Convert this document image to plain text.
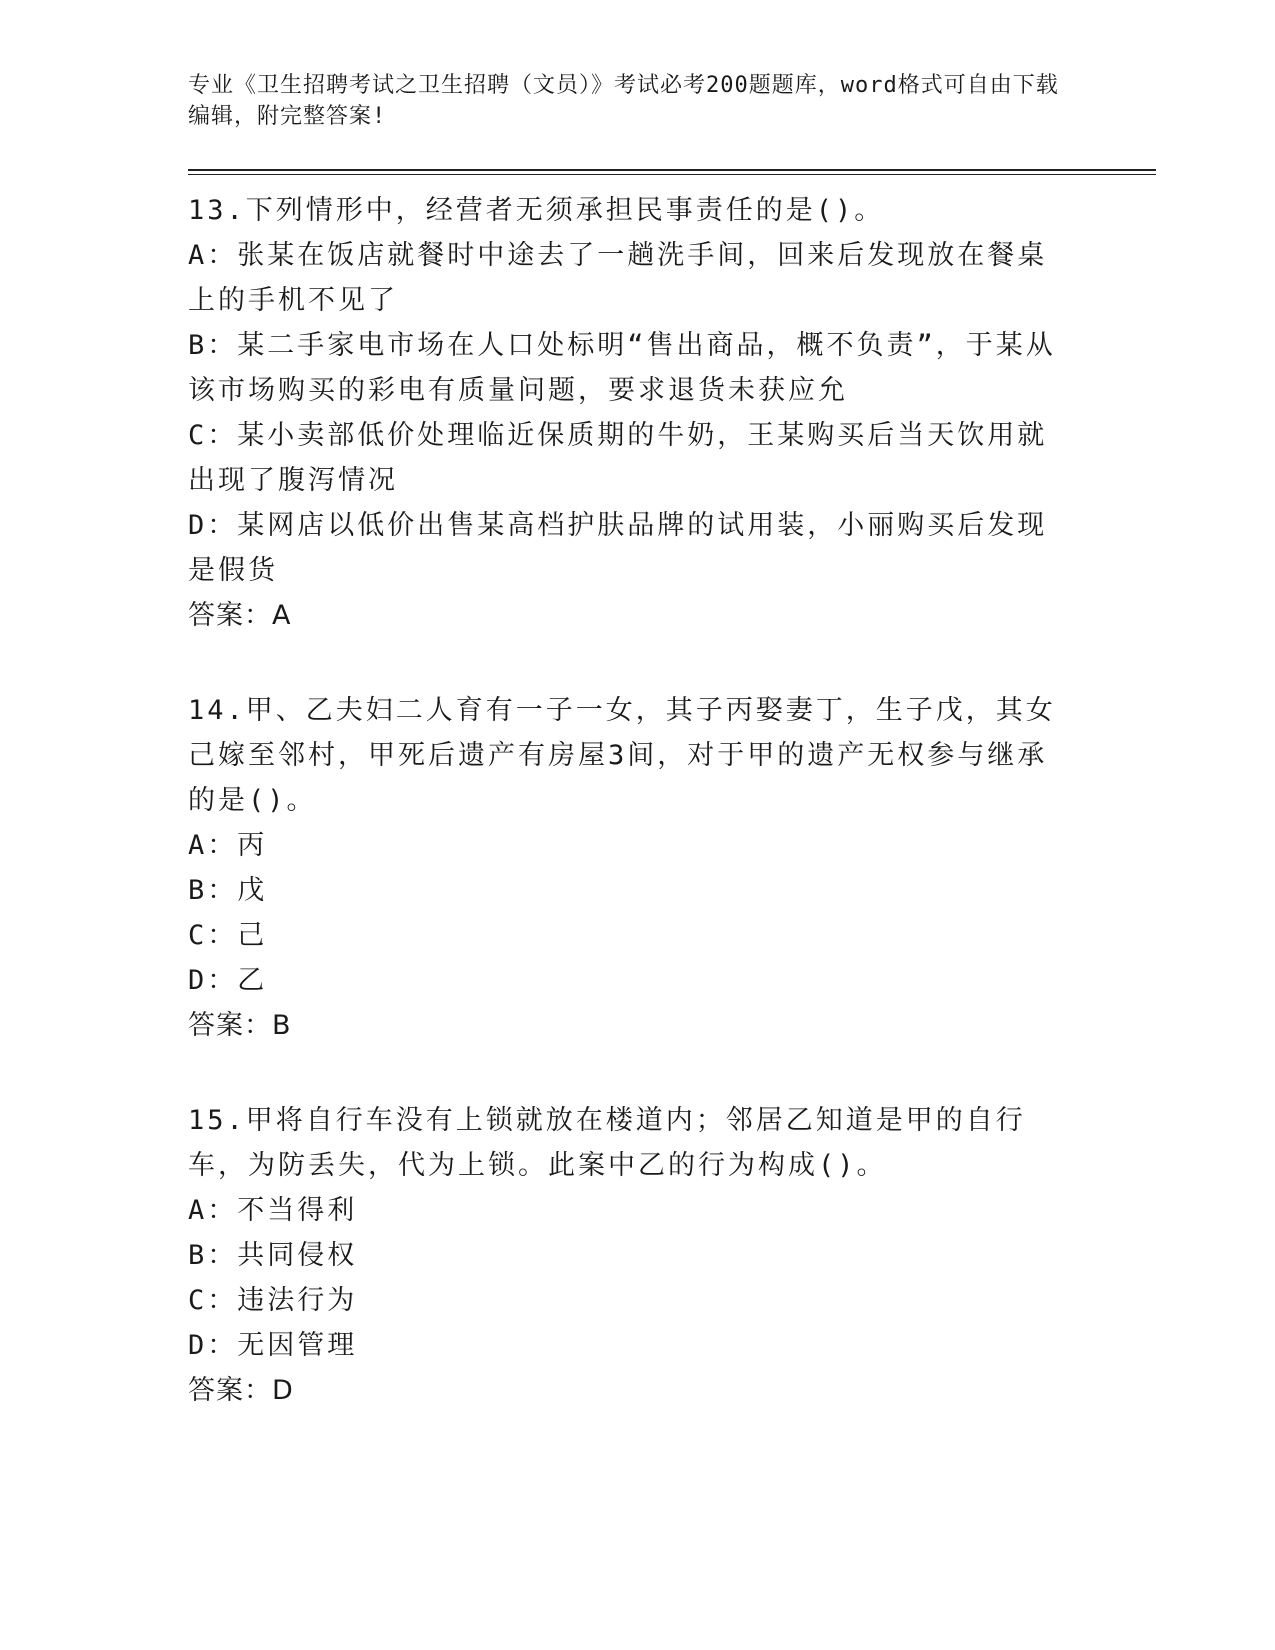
专业《卫生招聘考试之卫生招聘（文员）》考试必考200题题库，word格式可自由下载编辑，附完整答案!

13.下列情形中，经营者无须承担民事责任的是()。

A：张某在饭店就餐时中途去了一趟洗手间，回来后发现放在餐桌上的手机不见了

B：某二手家电市场在人口处标明“售出商品，概不负责”，于某从该市场购买的彩电有质量问题，要求退货未获应允

C：某小卖部低价处理临近保质期的牛奶，王某购买后当天饮用就出现了腹泻情况

D：某网店以低价出售某高档护肤品牌的试用装，小丽购买后发现是假货

答案：A

14.甲、乙夫妇二人育有一子一女，其子丙娶妻丁，生子戊，其女己嫁至邻村，甲死后遗产有房屋3间，对于甲的遗产无权参与继承的是()。

A：丙

B：戊

C：己

D：乙

答案：B

15.甲将自行车没有上锁就放在楼道内；邻居乙知道是甲的自行车，为防丢失，代为上锁。此案中乙的行为构成()。

A：不当得利

B：共同侵权

C：违法行为

D：无因管理

答案：D
